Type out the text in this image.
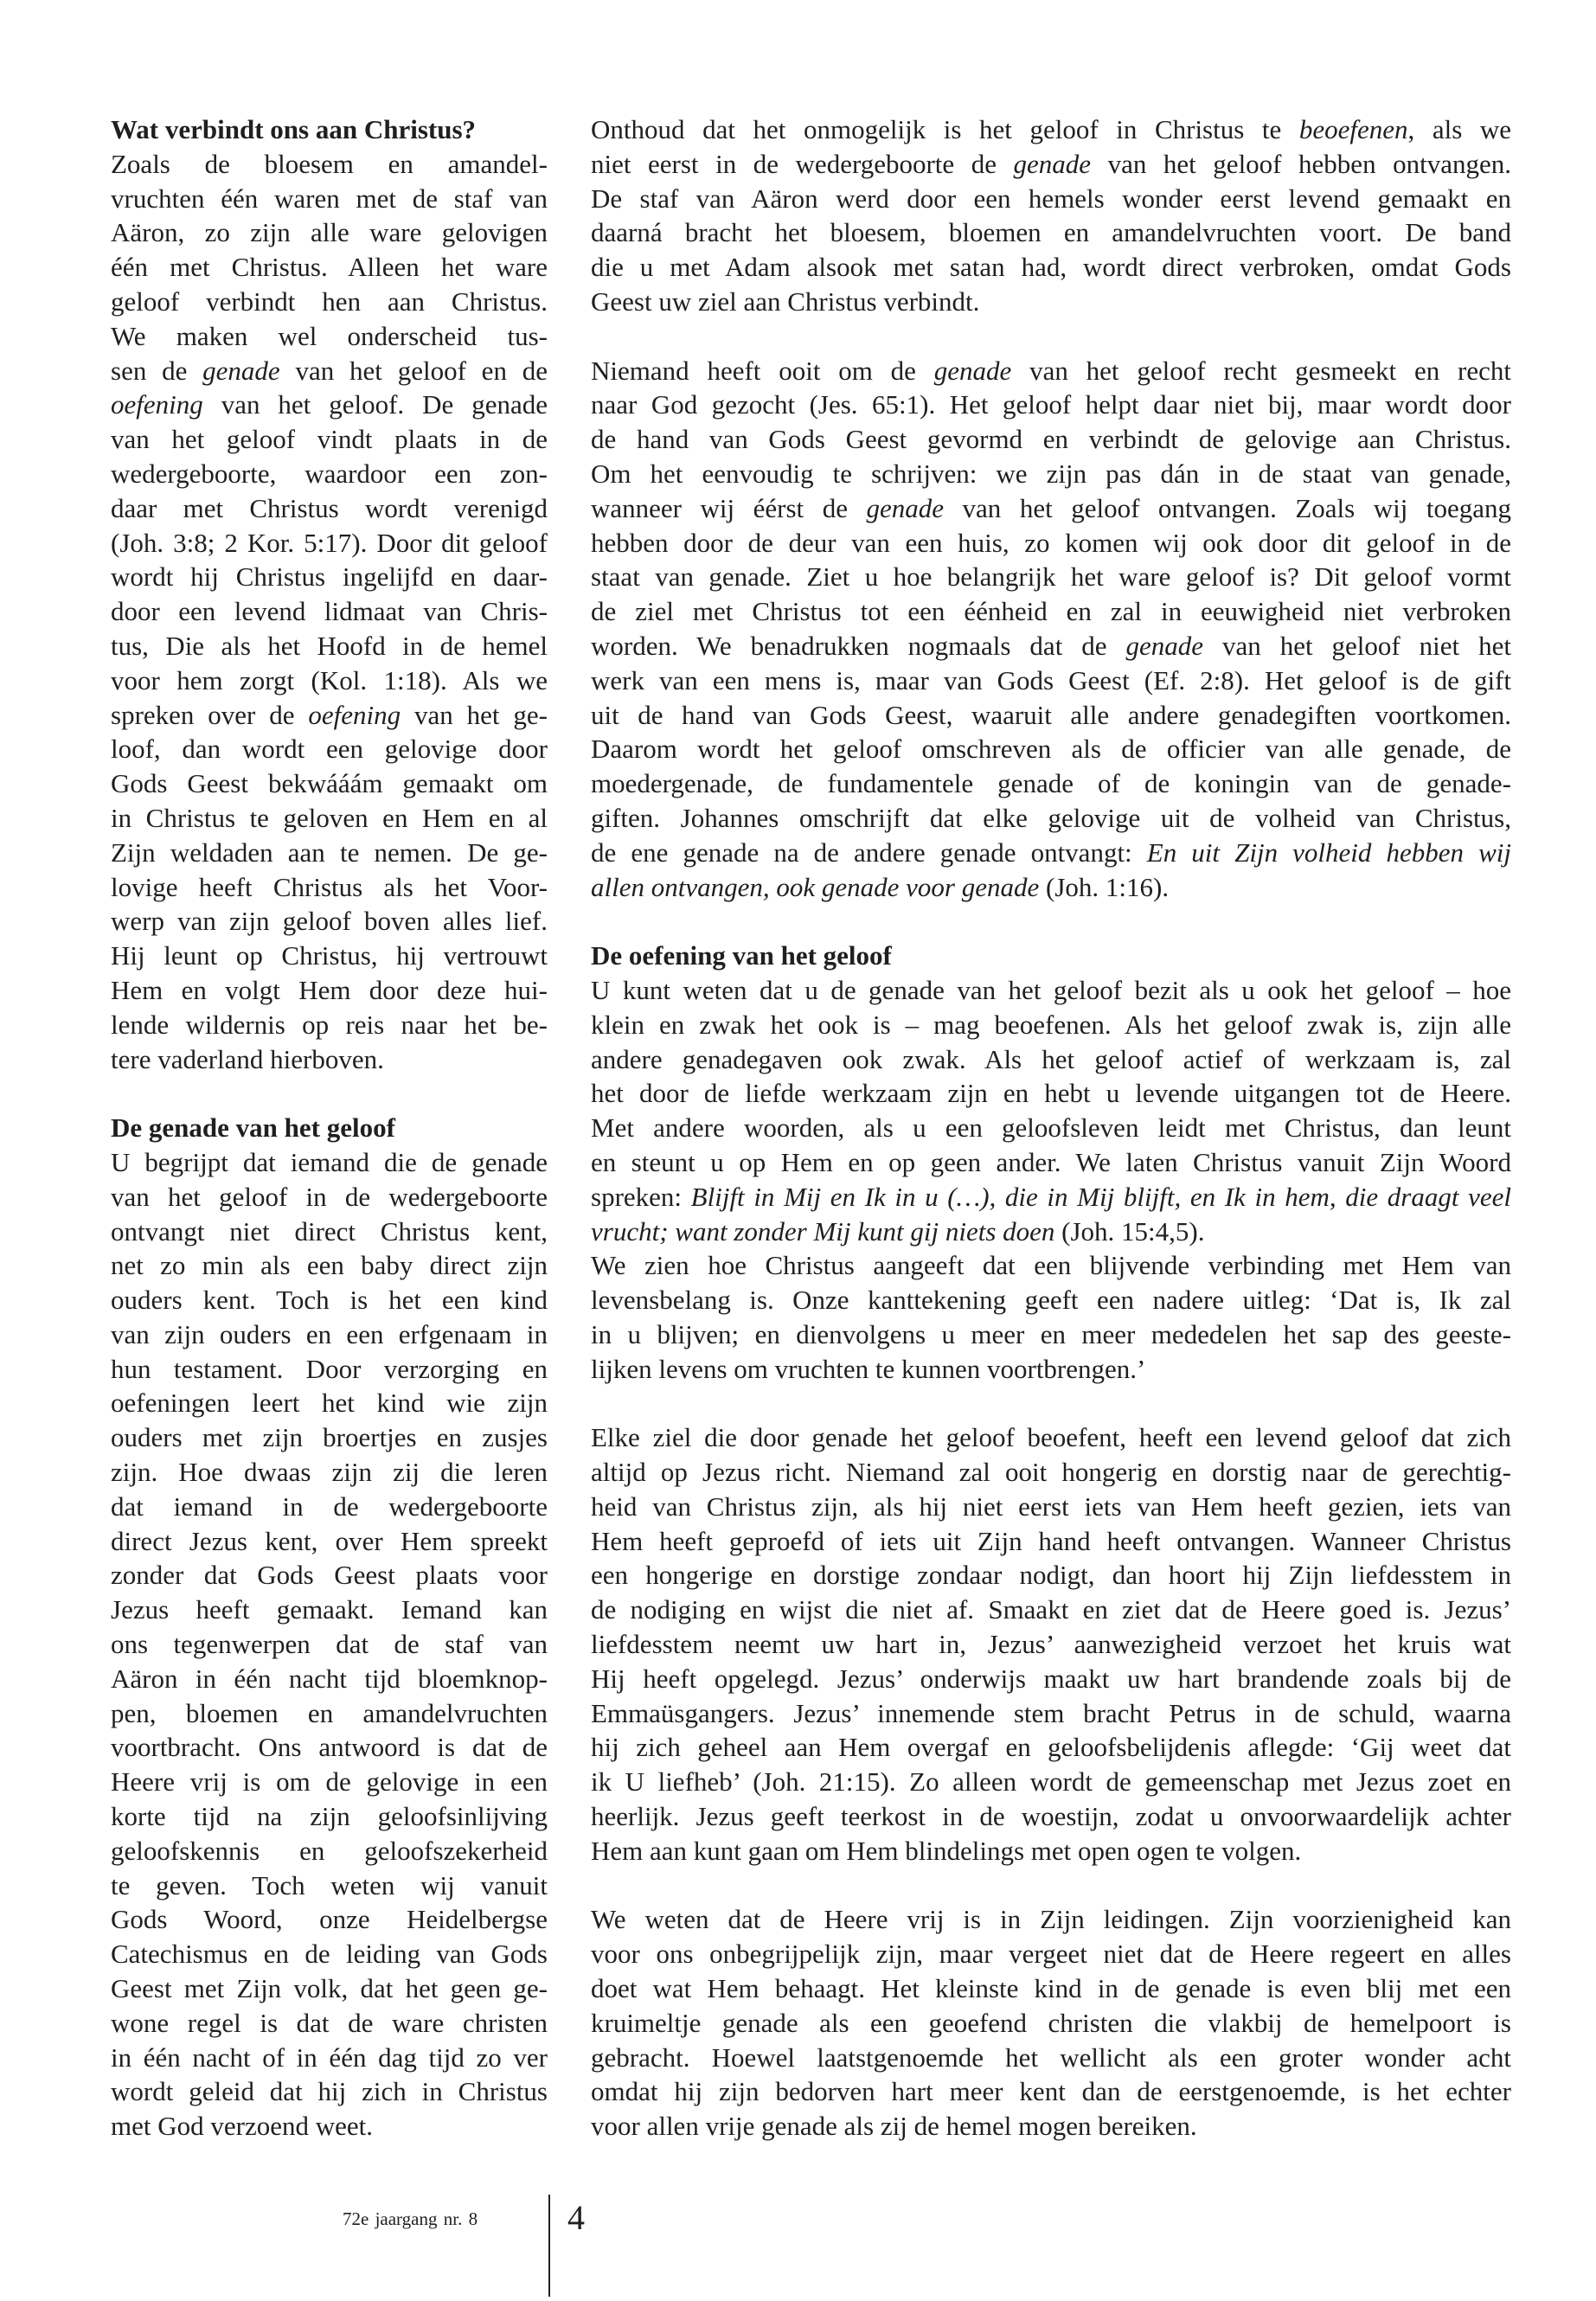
Wat verbindt ons aan Christus?
Zoals de bloesem en amandel-
vruchten één waren met de staf van
Aäron, zo zijn alle ware gelovigen
één met Christus. Alleen het ware
geloof verbindt hen aan Christus.
We maken wel onderscheid tus-
sen de genade van het geloof en de
oefening van het geloof. De genade
van het geloof vindt plaats in de
wedergeboorte, waardoor een zon-
daar met Christus wordt verenigd
(Joh. 3:8; 2 Kor. 5:17). Door dit geloof
wordt hij Christus ingelijfd en daar-
door een levend lidmaat van Chris-
tus, Die als het Hoofd in de hemel
voor hem zorgt (Kol. 1:18). Als we
spreken over de oefening van het ge-
loof, dan wordt een gelovige door
Gods Geest bekwááám gemaakt om
in Christus te geloven en Hem en al
Zijn weldaden aan te nemen. De ge-
lovige heeft Christus als het Voor-
werp van zijn geloof boven alles lief.
Hij leunt op Christus, hij vertrouwt
Hem en volgt Hem door deze hui-
lende wildernis op reis naar het be-
tere vaderland hierboven.
De genade van het geloof
U begrijpt dat iemand die de genade
van het geloof in de wedergeboorte
ontvangt niet direct Christus kent,
net zo min als een baby direct zijn
ouders kent. Toch is het een kind
van zijn ouders en een erfgenaam in
hun testament. Door verzorging en
oefeningen leert het kind wie zijn
ouders met zijn broertjes en zusjes
zijn. Hoe dwaas zijn zij die leren
dat iemand in de wedergeboorte
direct Jezus kent, over Hem spreekt
zonder dat Gods Geest plaats voor
Jezus heeft gemaakt. Iemand kan
ons tegenwerpen dat de staf van
Aäron in één nacht tijd bloemknop-
pen, bloemen en amandelvruchten
voortbracht. Ons antwoord is dat de
Heere vrij is om de gelovige in een
korte tijd na zijn geloofsinlijving
geloofskennis en geloofszekerheid
te geven. Toch weten wij vanuit
Gods Woord, onze Heidelbergse
Catechismus en de leiding van Gods
Geest met Zijn volk, dat het geen ge-
wone regel is dat de ware christen
in één nacht of in één dag tijd zo ver
wordt geleid dat hij zich in Christus
met God verzoend weet.
Onthoud dat het onmogelijk is het geloof in Christus te beoefenen, als we
niet eerst in de wedergeboorte de genade van het geloof hebben ontvangen.
De staf van Aäron werd door een hemels wonder eerst levend gemaakt en
daarná bracht het bloesem, bloemen en amandelvruchten voort. De band
die u met Adam alsook met satan had, wordt direct verbroken, omdat Gods
Geest uw ziel aan Christus verbindt.
Niemand heeft ooit om de genade van het geloof recht gesmeekt en recht
naar God gezocht (Jes. 65:1). Het geloof helpt daar niet bij, maar wordt door
de hand van Gods Geest gevormd en verbindt de gelovige aan Christus.
Om het eenvoudig te schrijven: we zijn pas dán in de staat van genade,
wanneer wij éérst de genade van het geloof ontvangen. Zoals wij toegang
hebben door de deur van een huis, zo komen wij ook door dit geloof in de
staat van genade. Ziet u hoe belangrijk het ware geloof is? Dit geloof vormt
de ziel met Christus tot een éénheid en zal in eeuwigheid niet verbroken
worden. We benadrukken nogmaals dat de genade van het geloof niet het
werk van een mens is, maar van Gods Geest (Ef. 2:8). Het geloof is de gift
uit de hand van Gods Geest, waaruit alle andere genadegiften voortkomen.
Daarom wordt het geloof omschreven als de officier van alle genade, de
moedergenade, de fundamentele genade of de koningin van de genade-
giften. Johannes omschrijft dat elke gelovige uit de volheid van Christus,
de ene genade na de andere genade ontvangt: En uit Zijn volheid hebben wij
allen ontvangen, ook genade voor genade (Joh. 1:16).
De oefening van het geloof
U kunt weten dat u de genade van het geloof bezit als u ook het geloof – hoe
klein en zwak het ook is – mag beoefenen. Als het geloof zwak is, zijn alle
andere genadegaven ook zwak. Als het geloof actief of werkzaam is, zal
het door de liefde werkzaam zijn en hebt u levende uitgangen tot de Heere.
Met andere woorden, als u een geloofsleven leidt met Christus, dan leunt
en steunt u op Hem en op geen ander. We laten Christus vanuit Zijn Woord
spreken: Blijft in Mij en Ik in u (…), die in Mij blijft, en Ik in hem, die draagt veel
vrucht; want zonder Mij kunt gij niets doen (Joh. 15:4,5).
We zien hoe Christus aangeeft dat een blijvende verbinding met Hem van
levensbelang is. Onze kanttekening geeft een nadere uitleg: ‘Dat is, Ik zal
in u blijven; en dienvolgens u meer en meer mededelen het sap des geeste-
lijken levens om vruchten te kunnen voortbrengen.’
Elke ziel die door genade het geloof beoefent, heeft een levend geloof dat zich
altijd op Jezus richt. Niemand zal ooit hongerig en dorstig naar de gerechtig-
heid van Christus zijn, als hij niet eerst iets van Hem heeft gezien, iets van
Hem heeft geproefd of iets uit Zijn hand heeft ontvangen. Wanneer Christus
een hongerige en dorstige zondaar nodigt, dan hoort hij Zijn liefdesstem in
de nodiging en wijst die niet af. Smaakt en ziet dat de Heere goed is. Jezus’
liefdesstem neemt uw hart in, Jezus’ aanwezigheid verzoet het kruis wat
Hij heeft opgelegd. Jezus’ onderwijs maakt uw hart brandende zoals bij de
Emmaüsgangers. Jezus’ innemende stem bracht Petrus in de schuld, waarna
hij zich geheel aan Hem overgaf en geloofsbelijdenis aflegde: ‘Gij weet dat
ik U liefheb’ (Joh. 21:15). Zo alleen wordt de gemeenschap met Jezus zoet en
heerlijk. Jezus geeft teerkost in de woestijn, zodat u onvoorwaardelijk achter
Hem aan kunt gaan om Hem blindelings met open ogen te volgen.
We weten dat de Heere vrij is in Zijn leidingen. Zijn voorzienigheid kan
voor ons onbegrijpelijk zijn, maar vergeet niet dat de Heere regeert en alles
doet wat Hem behaagt. Het kleinste kind in de genade is even blij met een
kruimeltje genade als een geoefend christen die vlakbij de hemelpoort is
gebracht. Hoewel laatstgenoemde het wellicht als een groter wonder acht
omdat hij zijn bedorven hart meer kent dan de eerstgenoemde, is het echter
voor allen vrije genade als zij de hemel mogen bereiken.
72e jaargang nr. 8	4
